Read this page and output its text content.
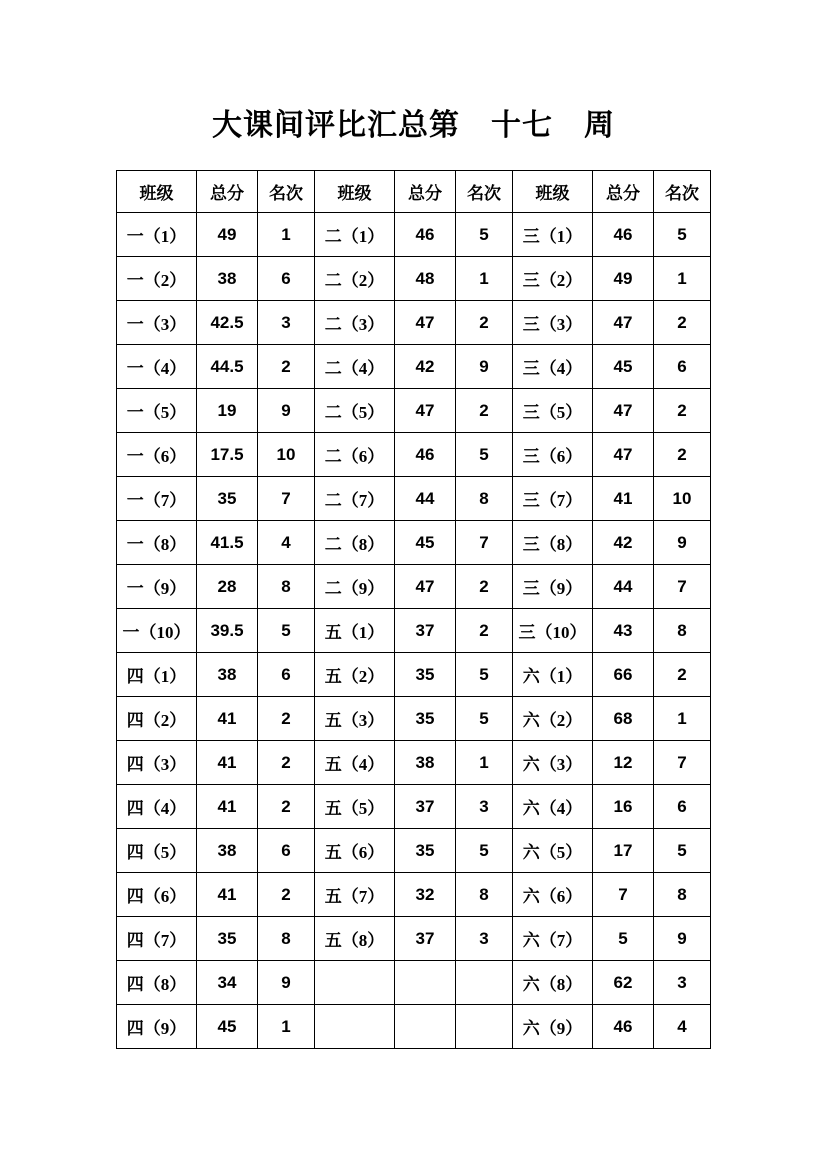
大课间评比汇总第　十七　周
班级	总分	名次	班级	总分	名次	班级	总分	名次
一（1）	49	1	二（1）	46	5	三（1）	46	5
一（2）	38	6	二（2）	48	1	三（2）	49	1
一（3）	42.5	3	二（3）	47	2	三（3）	47	2
一（4）	44.5	2	二（4）	42	9	三（4）	45	6
一（5）	19	9	二（5）	47	2	三（5）	47	2
一（6）	17.5	10	二（6）	46	5	三（6）	47	2
一（7）	35	7	二（7）	44	8	三（7）	41	10
一（8）	41.5	4	二（8）	45	7	三（8）	42	9
一（9）	28	8	二（9）	47	2	三（9）	44	7
一（10）	39.5	5	五（1）	37	2	三（10）	43	8
四（1）	38	6	五（2）	35	5	六（1）	66	2
四（2）	41	2	五（3）	35	5	六（2）	68	1
四（3）	41	2	五（4）	38	1	六（3）	12	7
四（4）	41	2	五（5）	37	3	六（4）	16	6
四（5）	38	6	五（6）	35	5	六（5）	17	5
四（6）	41	2	五（7）	32	8	六（6）	7	8
四（7）	35	8	五（8）	37	3	六（7）	5	9
四（8）	34	9				六（8）	62	3
四（9）	45	1				六（9）	46	4
